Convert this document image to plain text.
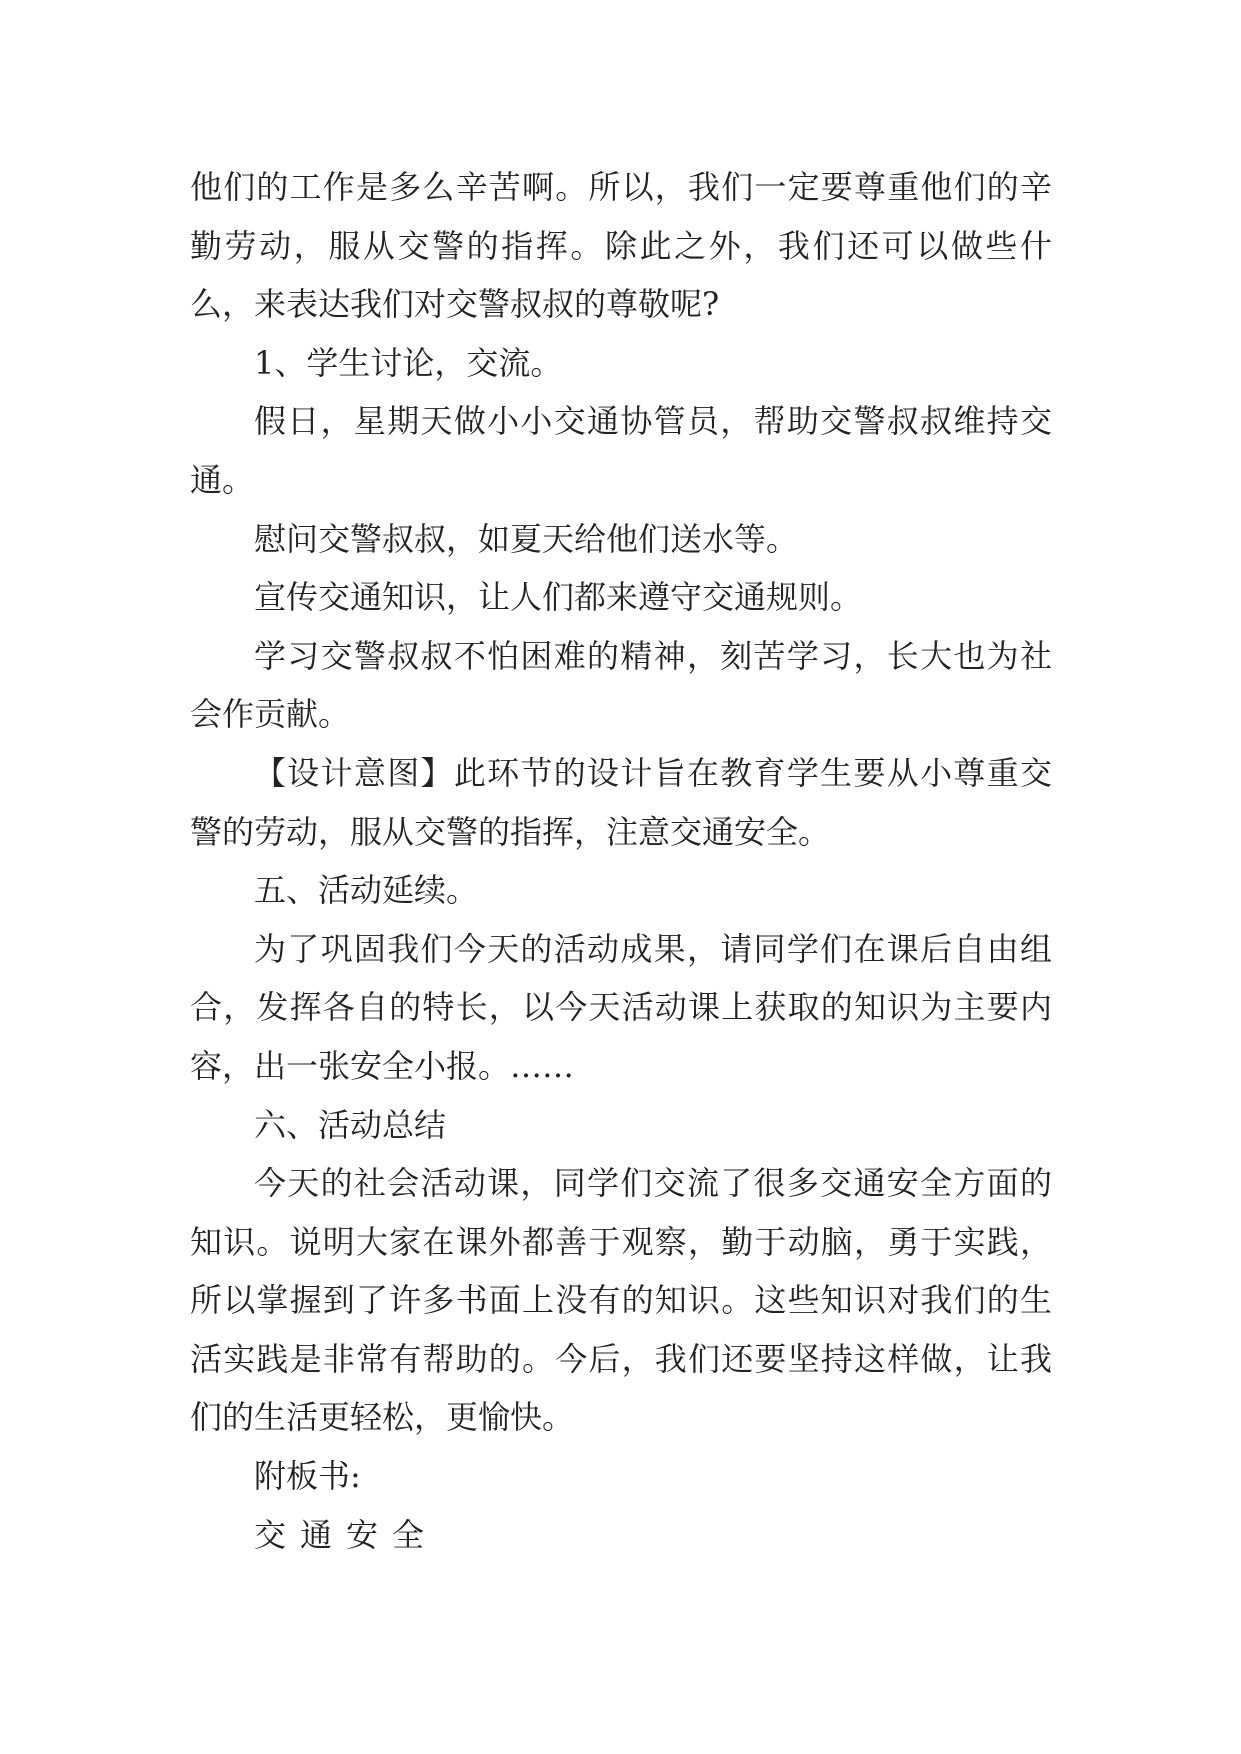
他们的工作是多么辛苦啊。所以，我们一定要尊重他们的辛勤劳动，服从交警的指挥。除此之外，我们还可以做些什么，来表达我们对交警叔叔的尊敬呢?

1、学生讨论，交流。

假日，星期天做小小交通协管员，帮助交警叔叔维持交通。

慰问交警叔叔，如夏天给他们送水等。

宣传交通知识，让人们都来遵守交通规则。

学习交警叔叔不怕困难的精神，刻苦学习，长大也为社会作贡献。

【设计意图】此环节的设计旨在教育学生要从小尊重交警的劳动，服从交警的指挥，注意交通安全。

五、活动延续。

为了巩固我们今天的活动成果，请同学们在课后自由组合，发挥各自的特长，以今天活动课上获取的知识为主要内容，出一张安全小报。……

六、活动总结

今天的社会活动课，同学们交流了很多交通安全方面的知识。说明大家在课外都善于观察，勤于动脑，勇于实践，所以掌握到了许多书面上没有的知识。这些知识对我们的生活实践是非常有帮助的。今后，我们还要坚持这样做，让我们的生活更轻松，更愉快。

附板书:

交通安全
